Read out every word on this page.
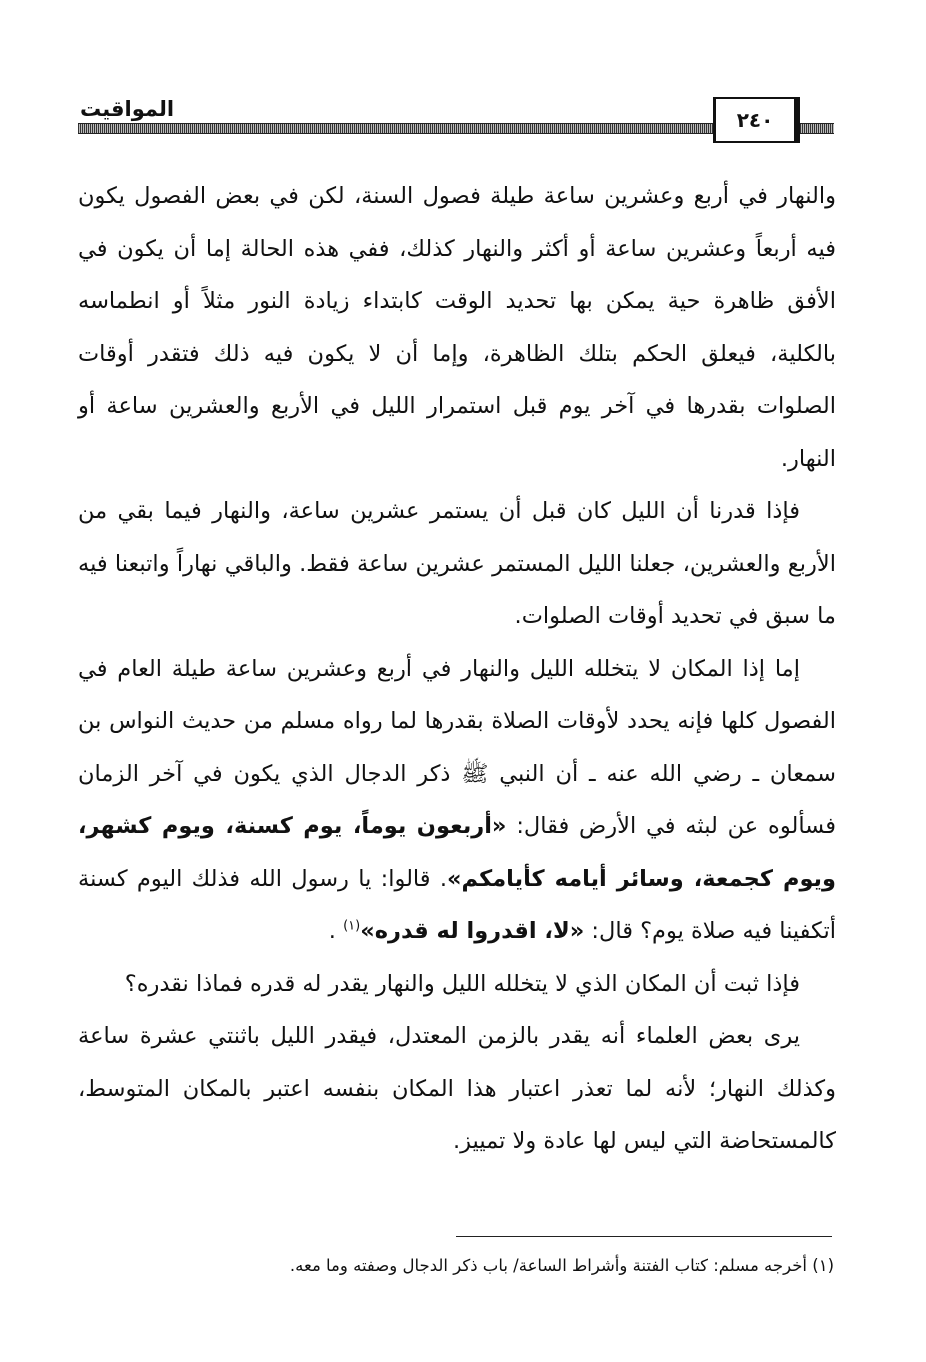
المواقيت	٢٤٠

والنهار في أربع وعشرين ساعة طيلة فصول السنة، لكن في بعض الفصول يكون فيه أربعاً وعشرين ساعة أو أكثر والنهار كذلك، ففي هذه الحالة إما أن يكون في الأفق ظاهرة حية يمكن بها تحديد الوقت كابتداء زيادة النور مثلاً أو انطماسه بالكلية، فيعلق الحكم بتلك الظاهرة، وإما أن لا يكون فيه ذلك فتقدر أوقات الصلوات بقدرها في آخر يوم قبل استمرار الليل في الأربع والعشرين ساعة أو النهار.

فإذا قدرنا أن الليل كان قبل أن يستمر عشرين ساعة، والنهار فيما بقي من الأربع والعشرين، جعلنا الليل المستمر عشرين ساعة فقط. والباقي نهاراً واتبعنا فيه ما سبق في تحديد أوقات الصلوات.

إما إذا المكان لا يتخلله الليل والنهار في أربع وعشرين ساعة طيلة العام في الفصول كلها فإنه يحدد لأوقات الصلاة بقدرها لما رواه مسلم من حديث النواس بن سمعان ـ رضي الله عنه ـ أن النبي ﷺ ذكر الدجال الذي يكون في آخر الزمان فسألوه عن لبثه في الأرض فقال: «أربعون يوماً، يوم كسنة، ويوم كشهر، ويوم كجمعة، وسائر أيامه كأيامكم». قالوا: يا رسول الله فذلك اليوم كسنة أتكفينا فيه صلاة يوم؟ قال: «لا، اقدروا له قدره»$^{(١)}$ .

فإذا ثبت أن المكان الذي لا يتخلله الليل والنهار يقدر له قدره فماذا نقدره؟

يرى بعض العلماء أنه يقدر بالزمن المعتدل، فيقدر الليل باثنتي عشرة ساعة وكذلك النهار؛ لأنه لما تعذر اعتبار هذا المكان بنفسه اعتبر بالمكان المتوسط، كالمستحاضة التي ليس لها عادة ولا تمييز.

(١) أخرجه مسلم: كتاب الفتنة وأشراط الساعة/ باب ذكر الدجال وصفته وما معه.
